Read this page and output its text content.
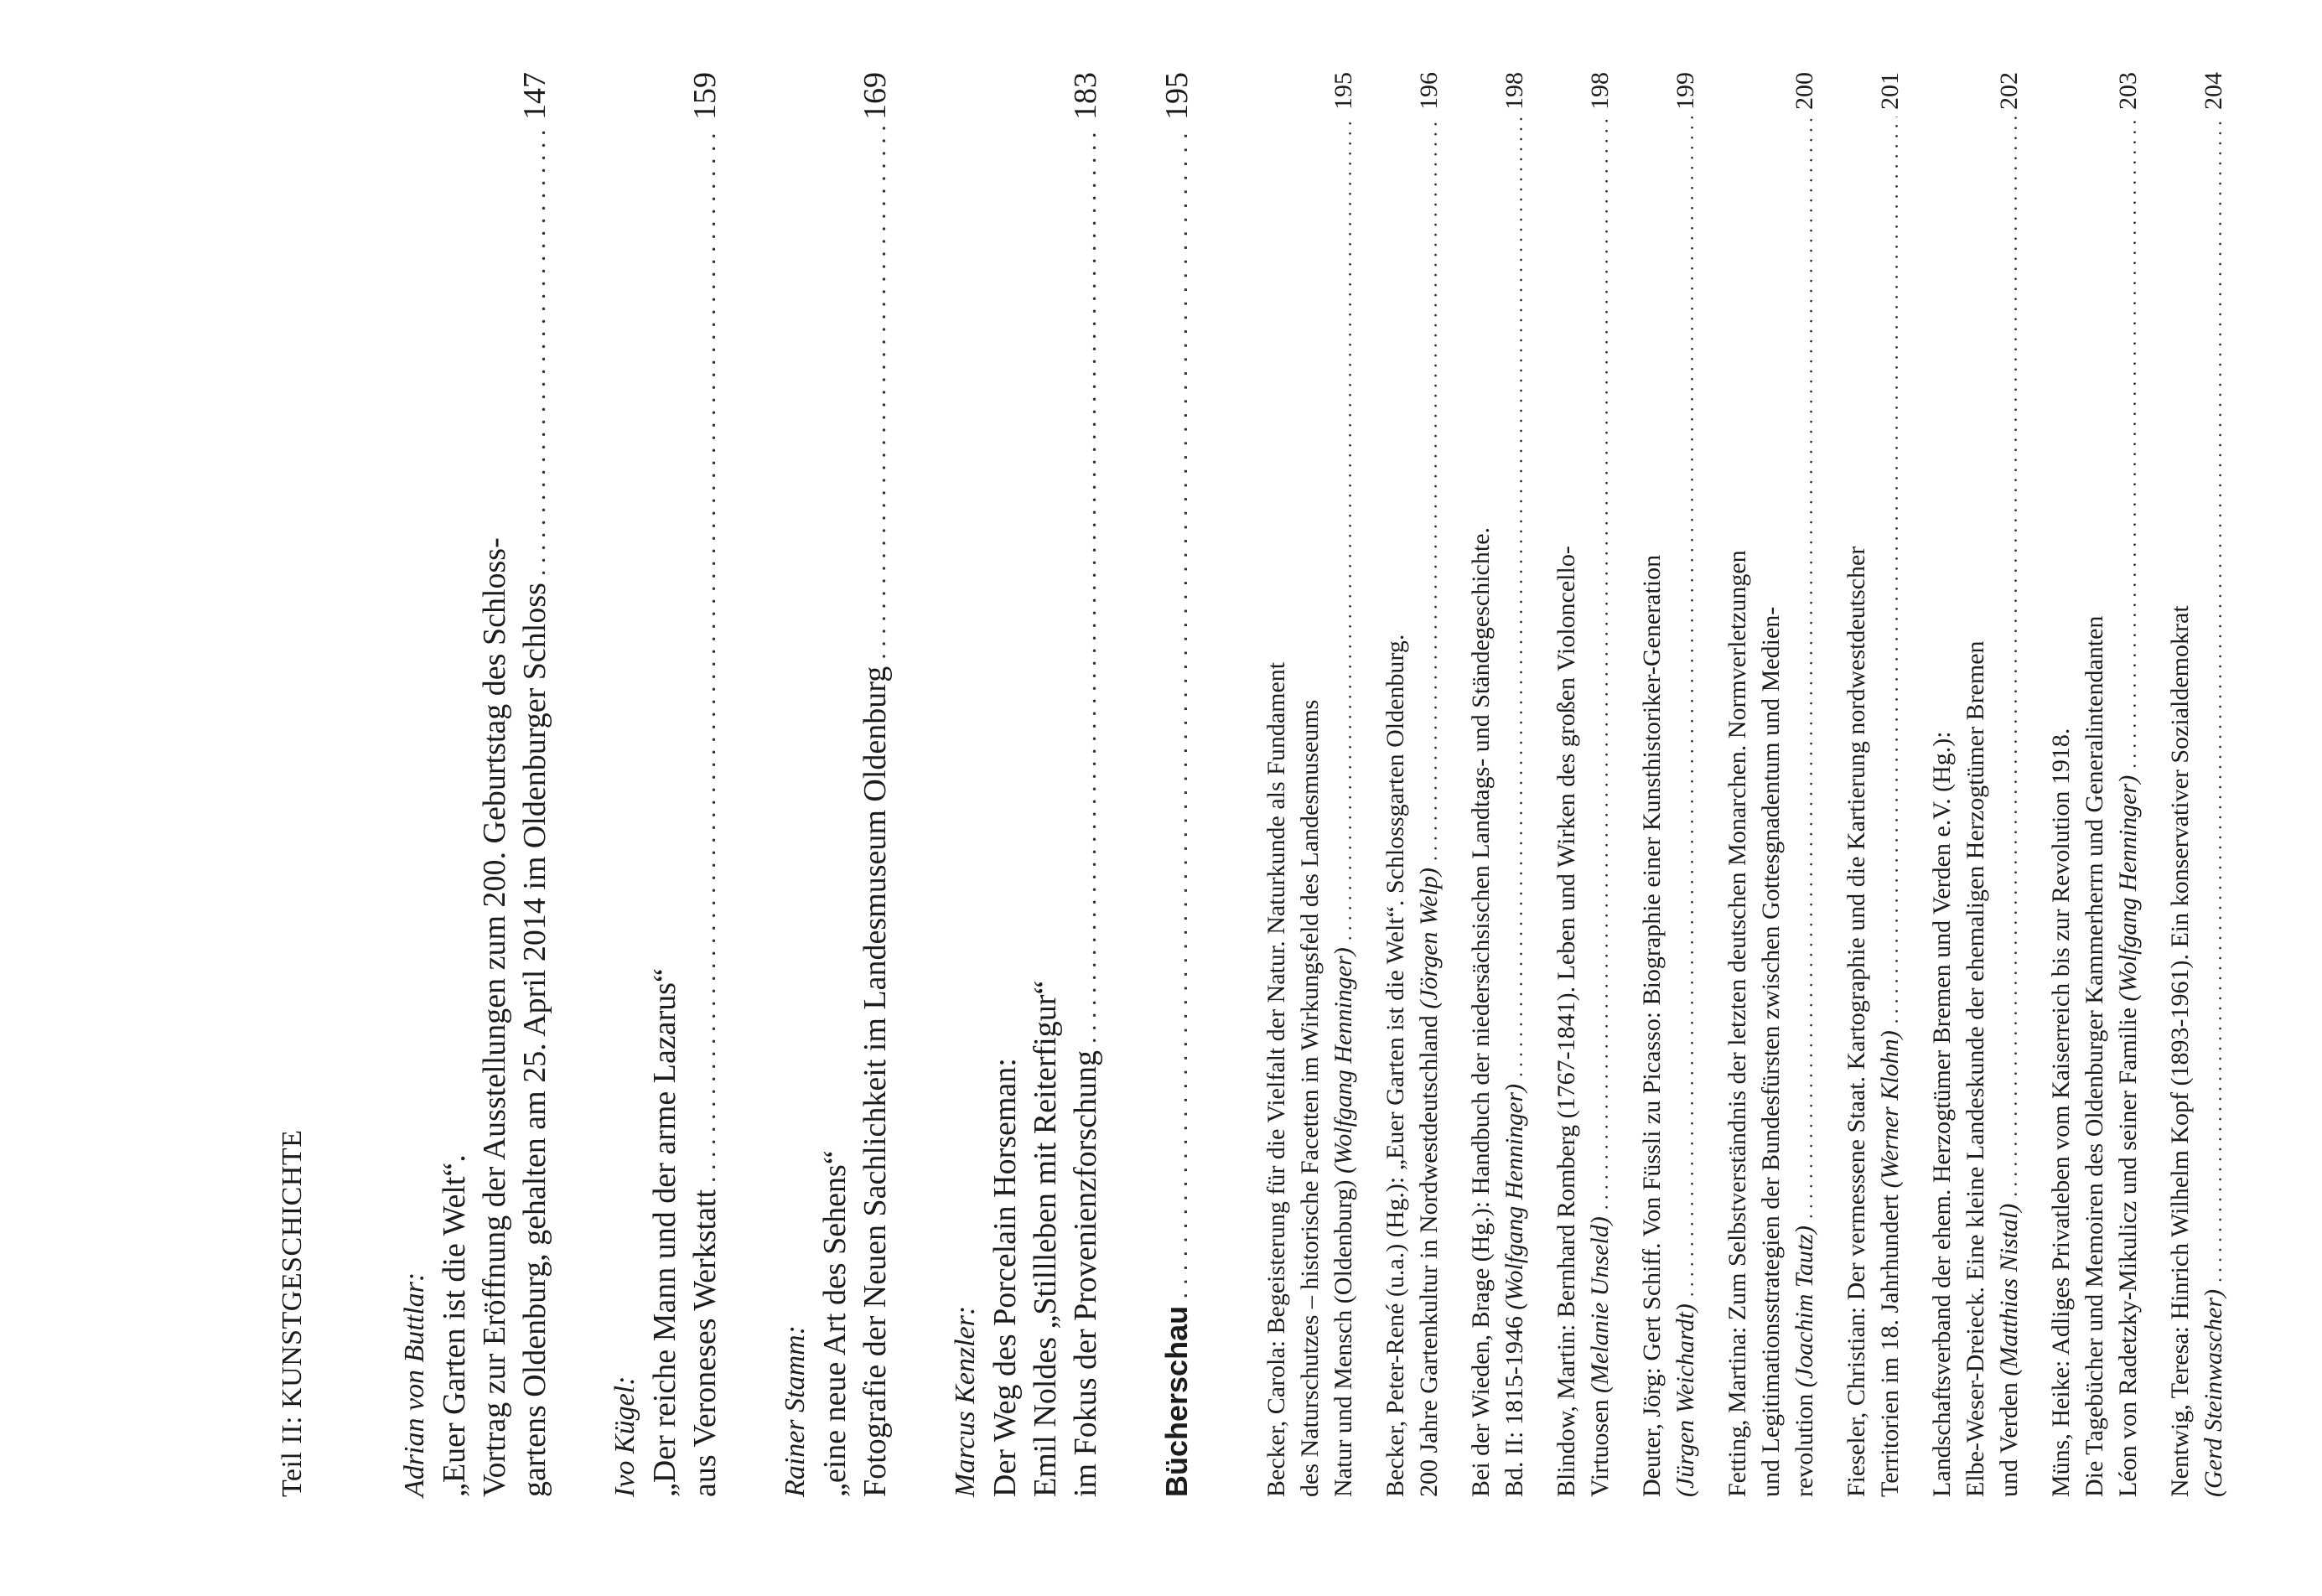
Teil II: KUNSTGESCHICHTE	Adrian von Buttlar: „Euer Garten ist die Welt“. Vortrag zur Eröffnung der Ausstellungen zum 200. Geburtstag des Schloss- gartens Oldenburg, gehalten am 25. April 2014 im Oldenburger Schloss
. . .
147
Ivo Kügel: „Der reiche Mann und der arme Lazarus“ aus Veroneses Werkstatt
. . .
159
Rainer Stamm: „eine neue Art des Sehens“ Fotografie der Neuen Sachlichkeit im Landesmuseum Oldenburg
. . .
169
Marcus Kenzler: Der Weg des Porcelain Horseman: Emil Noldes „Stillleben mit Reiterfigur“ im Fokus der Provenienzforschung
. . .
183
Bücherschau
. . .
195
Becker, Carola: Begeisterung für die Vielfalt der Natur. Naturkunde als Fundament des Naturschutzes – historische Facetten im Wirkungsfeld des Landesmuseums Natur und Mensch (Oldenburg) (Wolfgang Henninger)
. . .
195
Becker, Peter-René (u.a.) (Hg.): „Euer Garten ist die Welt“. Schlossgarten Oldenburg. 200 Jahre Gartenkultur in Nordwestdeutschland (Jörgen Welp)
. . .
196
Bei der Wieden, Brage (Hg.): Handbuch der niedersächsischen Landtags- und Ständegeschichte. Bd. II: 1815-1946 (Wolfgang Henninger)
. . .
198
Blindow, Martin: Bernhard Romberg (1767-1841). Leben und Wirken des großen Violoncello- Virtuosen (Melanie Unseld)
. . .
198
Deuter, Jörg: Gert Schiff. Von Füssli zu Picasso: Biographie einer Kunsthistoriker-Generation (Jürgen Weichardt)
. . .
199
Fetting, Martina: Zum Selbstverständnis der letzten deutschen Monarchen. Normverletzungen und Legitimationsstrategien der Bundesfürsten zwischen Gottesgnadentum und Medien- revolution (Joachim Tautz)
. . .
200
Fieseler, Christian: Der vermessene Staat. Kartographie und die Kartierung nordwestdeutscher Territorien im 18. Jahrhundert (Werner Klohn)
. . .
201
Landschaftsverband der ehem. Herzogtümer Bremen und Verden e.V. (Hg.): Elbe-Weser-Dreieck. Eine kleine Landeskunde der ehemaligen Herzogtümer Bremen und Verden (Matthias Nistal)
. . .
202
Müns, Heike: Adliges Privatleben vom Kaiserreich bis zur Revolution 1918. Die Tagebücher und Memoiren des Oldenburger Kammerherrn und Generalintendanten Léon von Radetzky-Mikulicz und seiner Familie (Wolfgang Henninger)
. . .
203
Nentwig, Teresa: Hinrich Wilhelm Kopf (1893-1961). Ein konservativer Sozialdemokrat (Gerd Steinwascher)
. . .
204
